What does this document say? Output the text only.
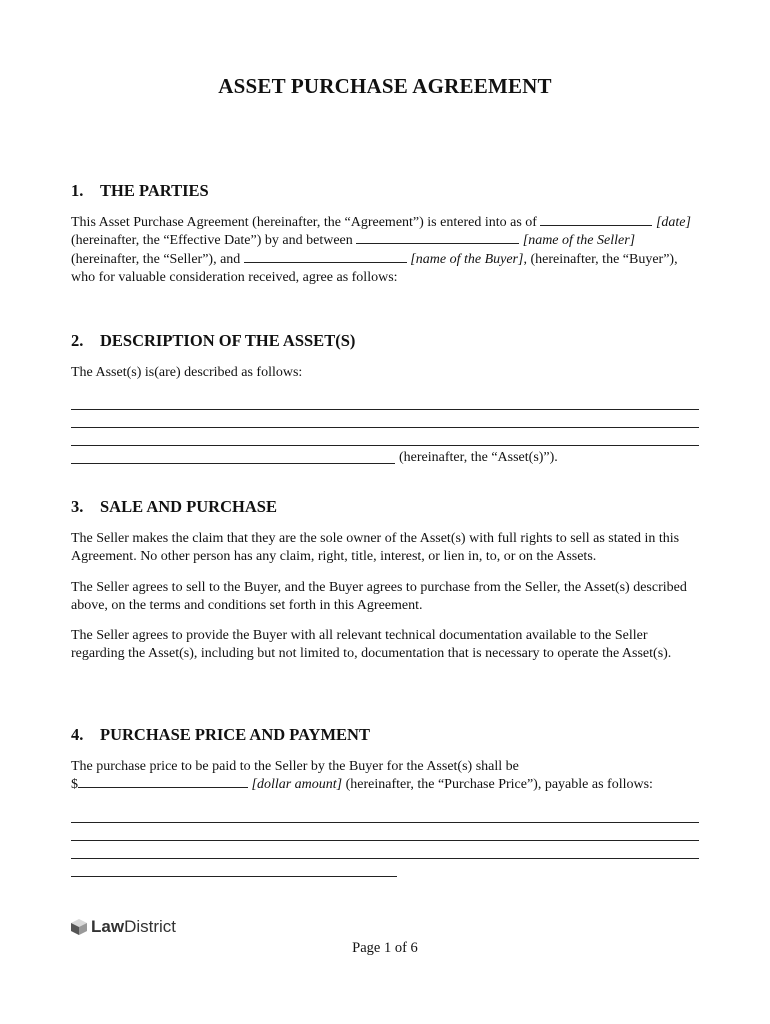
ASSET PURCHASE AGREEMENT
1. THE PARTIES
This Asset Purchase Agreement (hereinafter, the “Agreement”) is entered into as of	[date] (hereinafter, the “Effective Date”) by and between	[name of the Seller] (hereinafter, the “Seller”), and	[name of the Buyer], (hereinafter, the “Buyer”), who for valuable consideration received, agree as follows:
2. DESCRIPTION OF THE ASSET(S)
The Asset(s) is(are) described as follows:
(hereinafter, the “Asset(s)”).
3. SALE AND PURCHASE
The Seller makes the claim that they are the sole owner of the Asset(s) with full rights to sell as stated in this Agreement. No other person has any claim, right, title, interest, or lien in, to, or on the Assets.
The Seller agrees to sell to the Buyer, and the Buyer agrees to purchase from the Seller, the Asset(s) described above, on the terms and conditions set forth in this Agreement.
The Seller agrees to provide the Buyer with all relevant technical documentation available to the Seller regarding the Asset(s), including but not limited to, documentation that is necessary to operate the Asset(s).
4. PURCHASE PRICE AND PAYMENT
The purchase price to be paid to the Seller by the Buyer for the Asset(s) shall be
$	[dollar amount] (hereinafter, the “Purchase Price”), payable as follows:
Law District
Page 1 of 6
